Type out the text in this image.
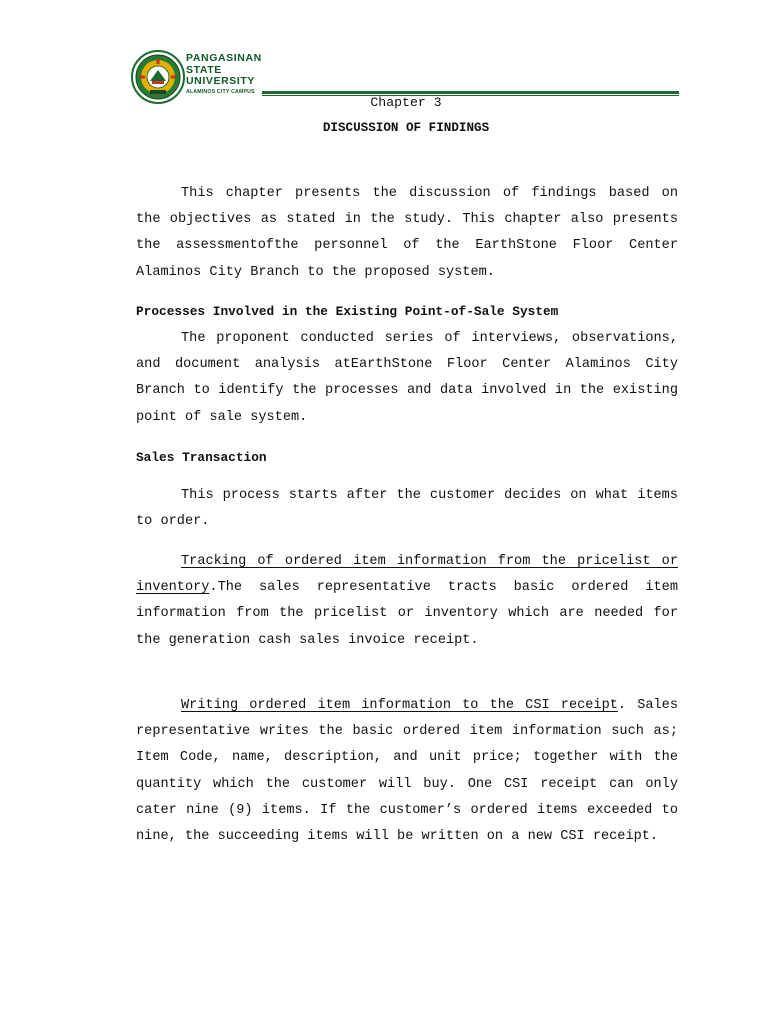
PANGASINAN
STATE
UNIVERSITY
ALAMINOS CITY CAMPUS
Chapter 3
DISCUSSION OF FINDINGS

This chapter presents the discussion of findings based on the objectives as stated in the study. This chapter also presents the assessmentofthe personnel of the EarthStone Floor Center Alaminos City Branch to the proposed system.

Processes Involved in the Existing Point-of-Sale System

The proponent conducted series of interviews, observations, and document analysis atEarthStone Floor Center Alaminos City Branch to identify the processes and data involved in the existing point of sale system.

Sales Transaction

This process starts after the customer decides on what items to order.

Tracking of ordered item information from the pricelist or inventory.The sales representative tracts basic ordered item information from the pricelist or inventory which are needed for the generation cash sales invoice receipt.

Writing ordered item information to the CSI receipt. Sales representative writes the basic ordered item information such as; Item Code, name, description, and unit price; together with the quantity which the customer will buy. One CSI receipt can only cater nine (9) items. If the customer’s ordered items exceeded to nine, the succeeding items will be written on a new CSI receipt.
